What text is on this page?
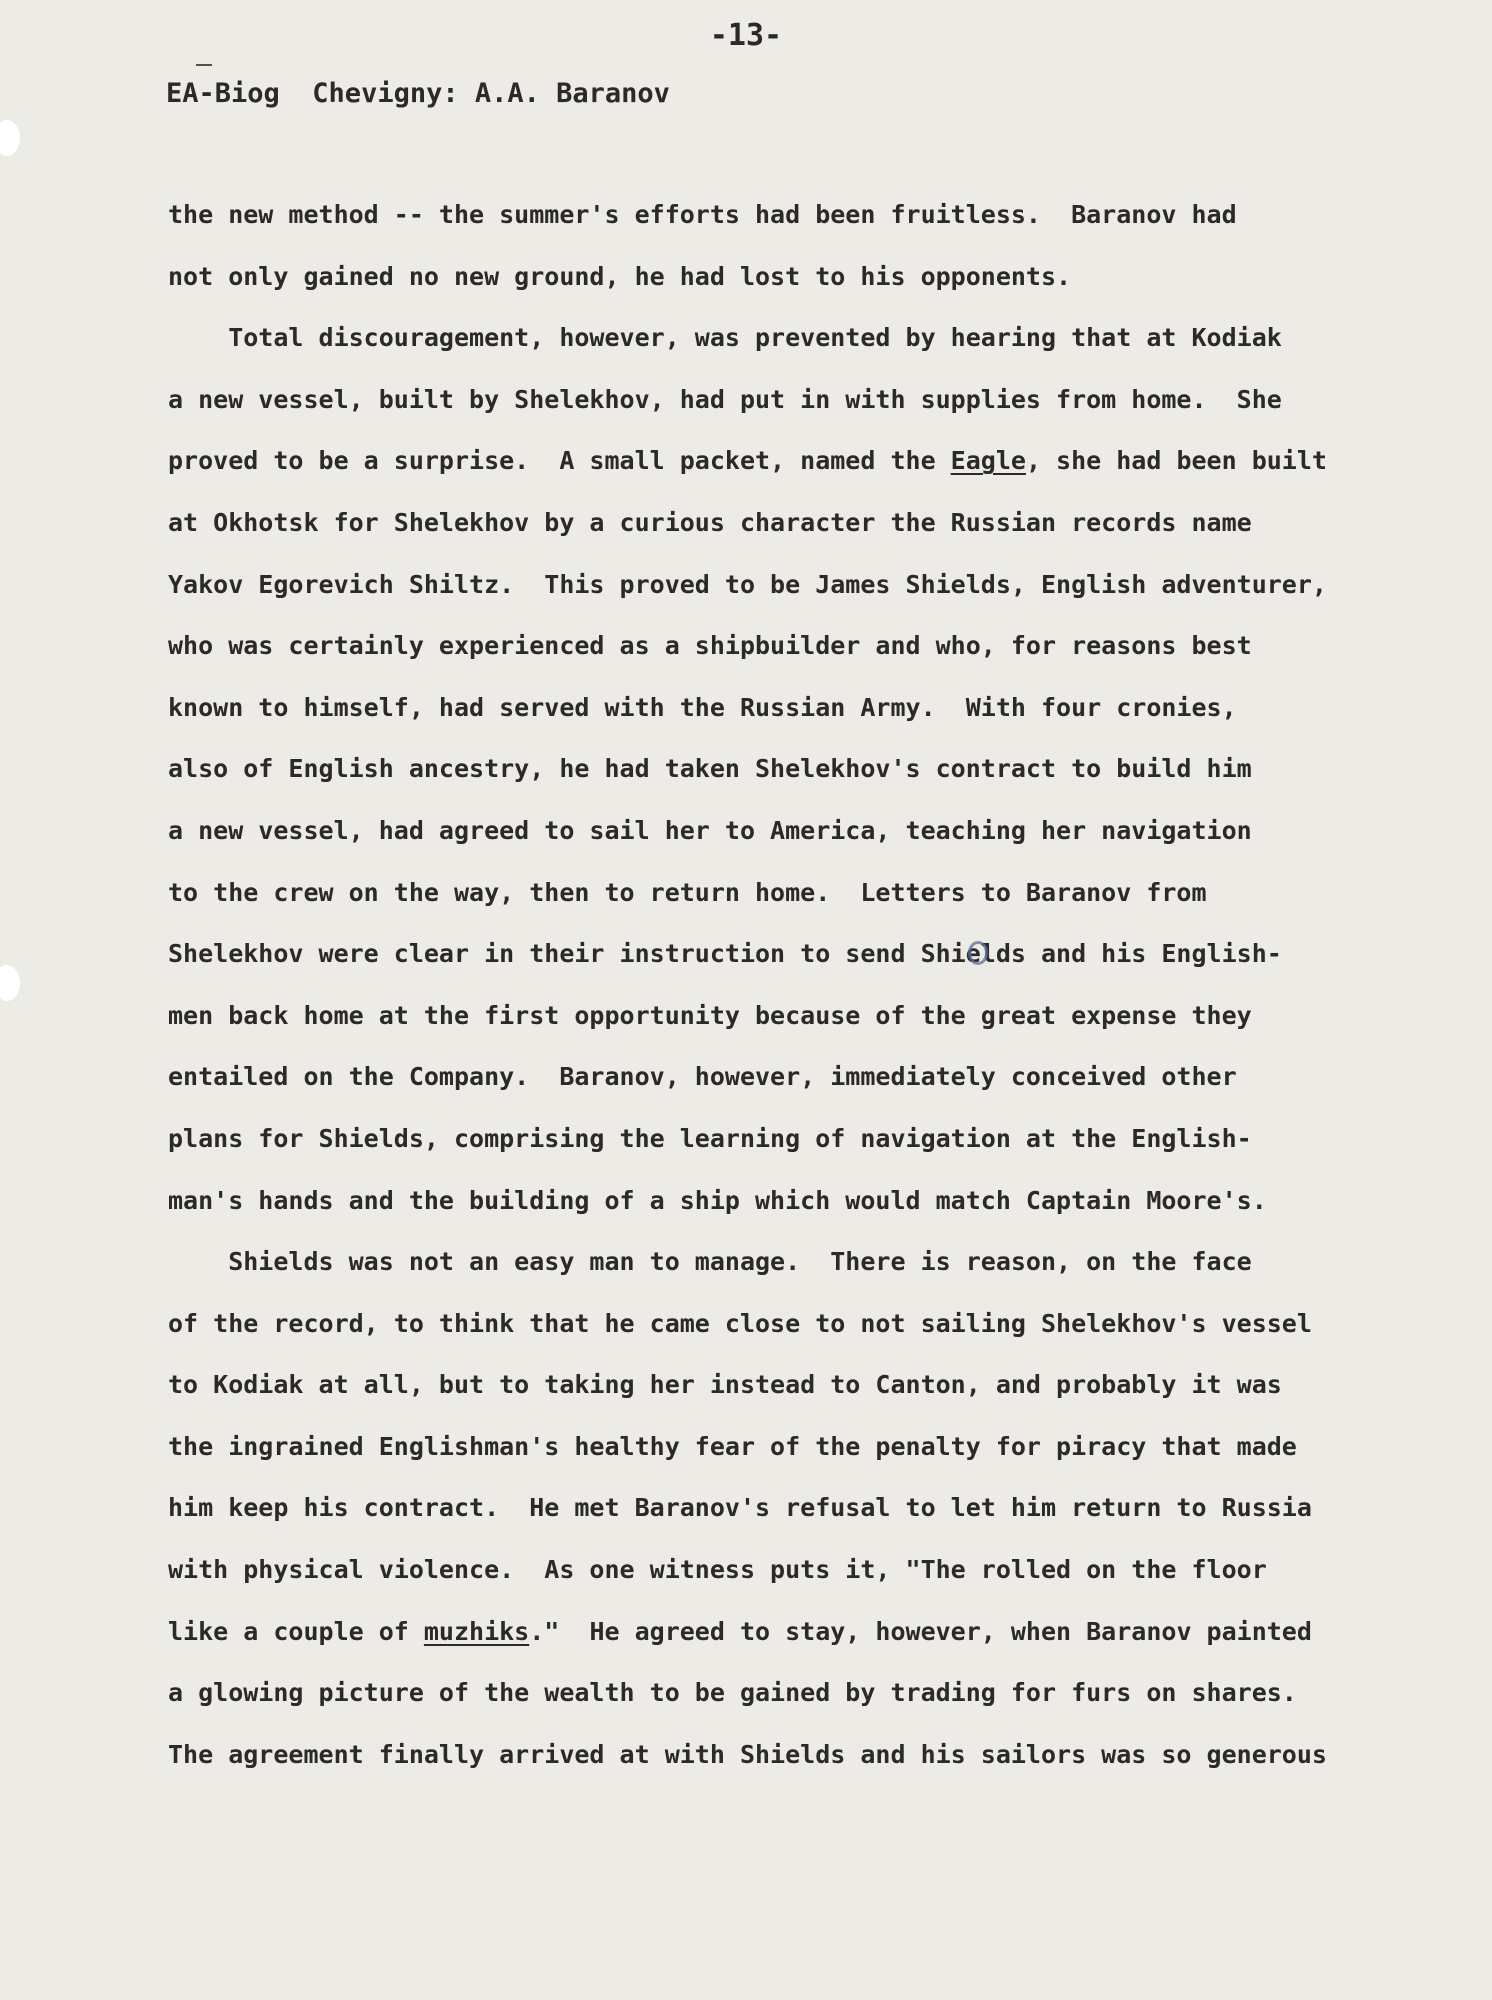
-13-
EA-Biog  Chevigny: A.A. Baranov
the new method -- the summer's efforts had been fruitless.  Baranov had
not only gained no new ground, he had lost to his opponents.
Total discouragement, however, was prevented by hearing that at Kodiak
a new vessel, built by Shelekhov, had put in with supplies from home.  She
proved to be a surprise.  A small packet, named the Eagle, she had been built
at Okhotsk for Shelekhov by a curious character the Russian records name
Yakov Egorevich Shiltz.  This proved to be James Shields, English adventurer,
who was certainly experienced as a shipbuilder and who, for reasons best
known to himself, had served with the Russian Army.  With four cronies,
also of English ancestry, he had taken Shelekhov's contract to build him
a new vessel, had agreed to sail her to America, teaching her navigation
to the crew on the way, then to return home.  Letters to Baranov from
Shelekhov were clear in their instruction to send Shields and his English-
men back home at the first opportunity because of the great expense they
entailed on the Company.  Baranov, however, immediately conceived other
plans for Shields, comprising the learning of navigation at the English-
man's hands and the building of a ship which would match Captain Moore's.
Shields was not an easy man to manage.  There is reason, on the face
of the record, to think that he came close to not sailing Shelekhov's vessel
to Kodiak at all, but to taking her instead to Canton, and probably it was
the ingrained Englishman's healthy fear of the penalty for piracy that made
him keep his contract.  He met Baranov's refusal to let him return to Russia
with physical violence.  As one witness puts it, "The rolled on the floor
like a couple of muzhiks."  He agreed to stay, however, when Baranov painted
a glowing picture of the wealth to be gained by trading for furs on shares.
The agreement finally arrived at with Shields and his sailors was so generous
